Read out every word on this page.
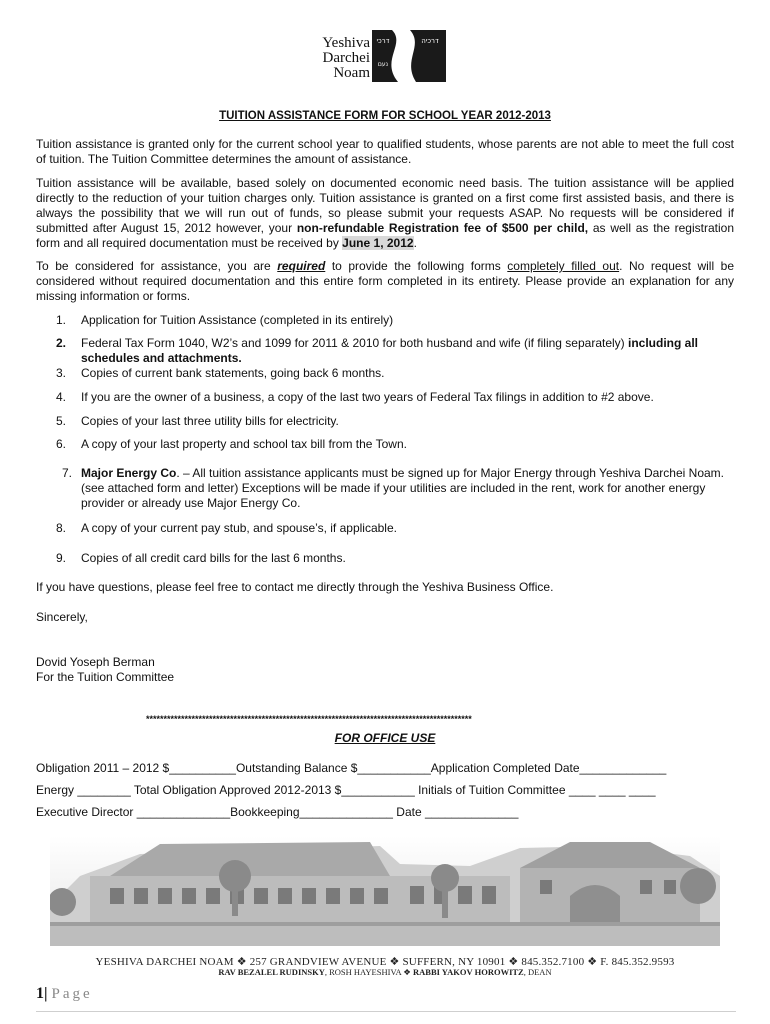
Yeshiva
Darchei
Noam
דרכי	דרכיה
נעם
TUITION ASSISTANCE FORM FOR SCHOOL YEAR 2012-2013
Tuition assistance is granted only for the current school year to qualified students, whose parents are not able to meet the full cost of tuition. The Tuition Committee determines the amount of assistance.
Tuition assistance will be available, based solely on documented economic need basis. The tuition assistance will be applied directly to the reduction of your tuition charges only. Tuition assistance is granted on a first come first assisted basis, and there is always the possibility that we will run out of funds, so please submit your requests ASAP. No requests will be considered if submitted after August 15, 2012 however, your non-refundable Registration fee of $500 per child, as well as the registration form and all required documentation must be received by June 1, 2012.
To be considered for assistance, you are required to provide the following forms completely filled out. No request will be considered without required documentation and this entire form completed in its entirety. Please provide an explanation for any missing information or forms.
1.	Application for Tuition Assistance (completed in its entirely)
2.	Federal Tax Form 1040, W2’s and 1099 for 2011 & 2010 for both husband and wife (if filing separately) including all schedules and attachments.
3.	Copies of current bank statements, going back 6 months.
4.	If you are the owner of a business, a copy of the last two years of Federal Tax filings in addition to #2 above.
5.	Copies of your last three utility bills for electricity.
6.	A copy of your last property and school tax bill from the Town.
7. Major Energy Co. – All tuition assistance applicants must be signed up for Major Energy through Yeshiva Darchei Noam. (see attached form and letter) Exceptions will be made if your utilities are included in the rent, work for another energy provider or already use Major Energy Co.
8.	A copy of your current pay stub, and spouse’s, if applicable.
9.	Copies of all credit card bills for the last 6 months.
If you have questions, please feel free to contact me directly through the Yeshiva Business Office.
Sincerely,
Dovid Yoseph Berman
For the Tuition Committee
*********************************************************************************************
FOR OFFICE USE
Obligation 2011 – 2012 $__________Outstanding Balance $___________Application Completed Date_____________
Energy ________ Total Obligation Approved 2012-2013 $___________ Initials of Tuition Committee ____ ____ ____
Executive Director ______________Bookkeeping______________ Date ______________
YESHIVA DARCHEI NOAM ❖ 257 GRANDVIEW AVENUE ❖ SUFFERN, NY 10901 ❖ 845.352.7100 ❖ F. 845.352.9593
RAV BEZALEL RUDINSKY, ROSH HAYESHIVA ❖ RABBI YAKOV HOROWITZ, DEAN
1| Page
